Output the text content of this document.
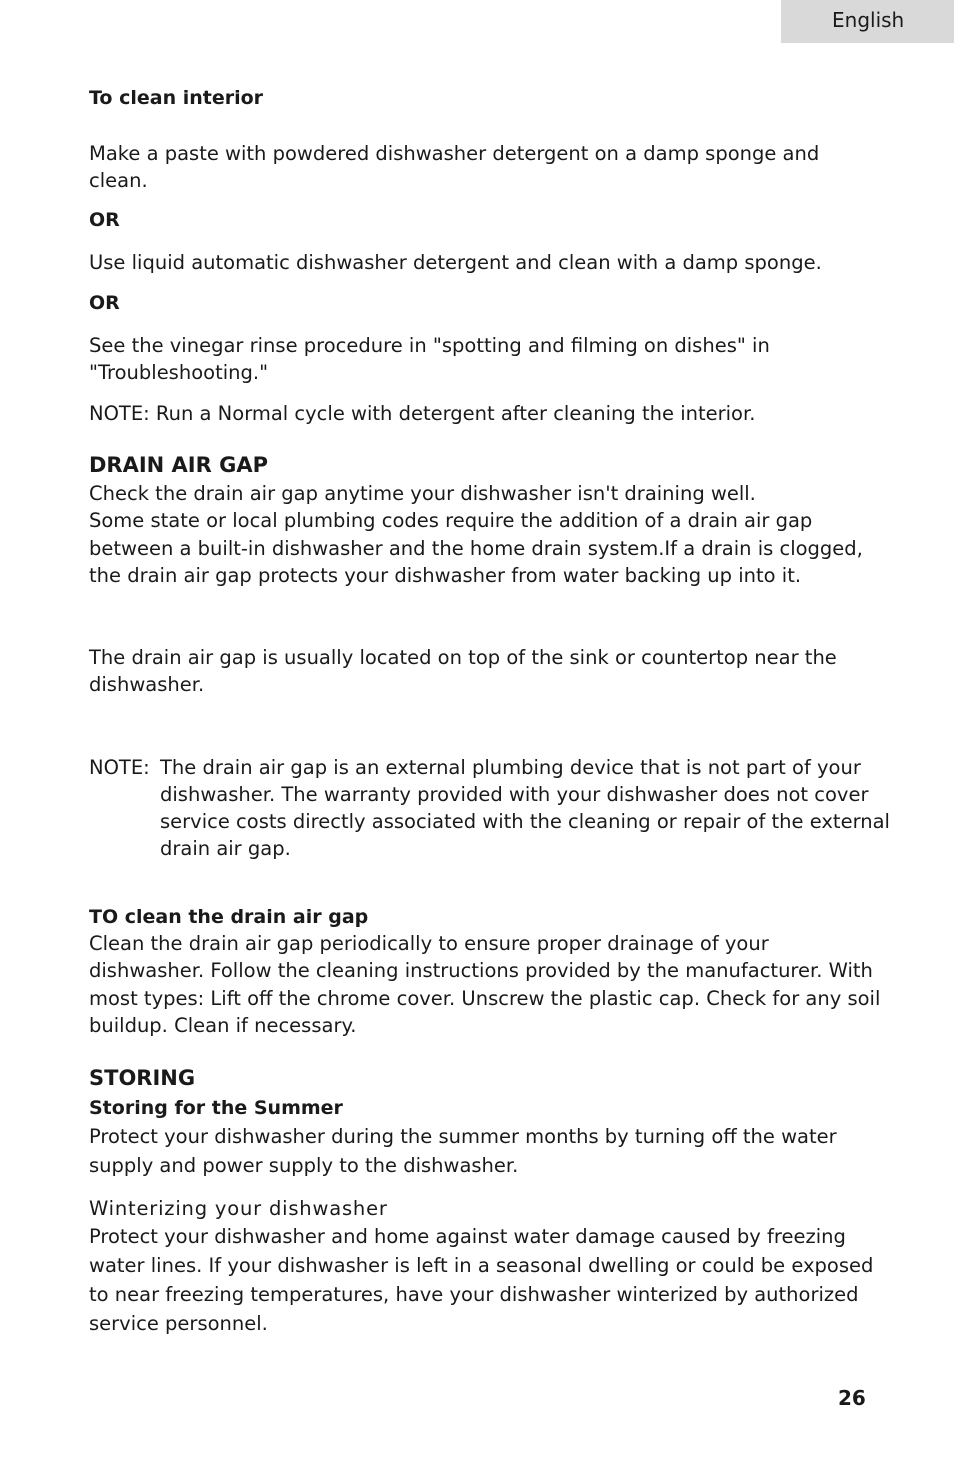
English
To clean interior
Make a paste with powdered dishwasher detergent on a damp sponge and
clean.
OR
Use liquid automatic dishwasher detergent and clean with a damp sponge.
OR
See the vinegar rinse procedure in "spotting and filming on dishes" in
"Troubleshooting."
NOTE: Run a Normal cycle with detergent after cleaning the interior.
DRAIN AIR GAP
Check the drain air gap anytime your dishwasher isn't draining well.
Some state or local plumbing codes require the addition of a drain air gap
between a built-in dishwasher and the home drain system.If a drain is clogged,
the drain air gap protects your dishwasher from water backing up into it.
The drain air gap is usually located on top of the sink or countertop near the
dishwasher.
NOTE: The drain air gap is an external plumbing device that is not part of your
dishwasher. The warranty provided with your dishwasher does not cover
service costs directly associated with the cleaning or repair of the external
drain air gap.
TO clean the drain air gap
Clean the drain air gap periodically to ensure proper drainage of your
dishwasher. Follow the cleaning instructions provided by the manufacturer. With
most types: Lift off the chrome cover. Unscrew the plastic cap. Check for any soil
buildup. Clean if necessary.
STORING
Storing for the Summer
Protect your dishwasher during the summer months by turning off the water
supply and power supply to the dishwasher.
Winterizing your dishwasher
Protect your dishwasher and home against water damage caused by freezing
water lines. If your dishwasher is left in a seasonal dwelling or could be exposed
to near freezing temperatures, have your dishwasher winterized by authorized
service personnel.
26
